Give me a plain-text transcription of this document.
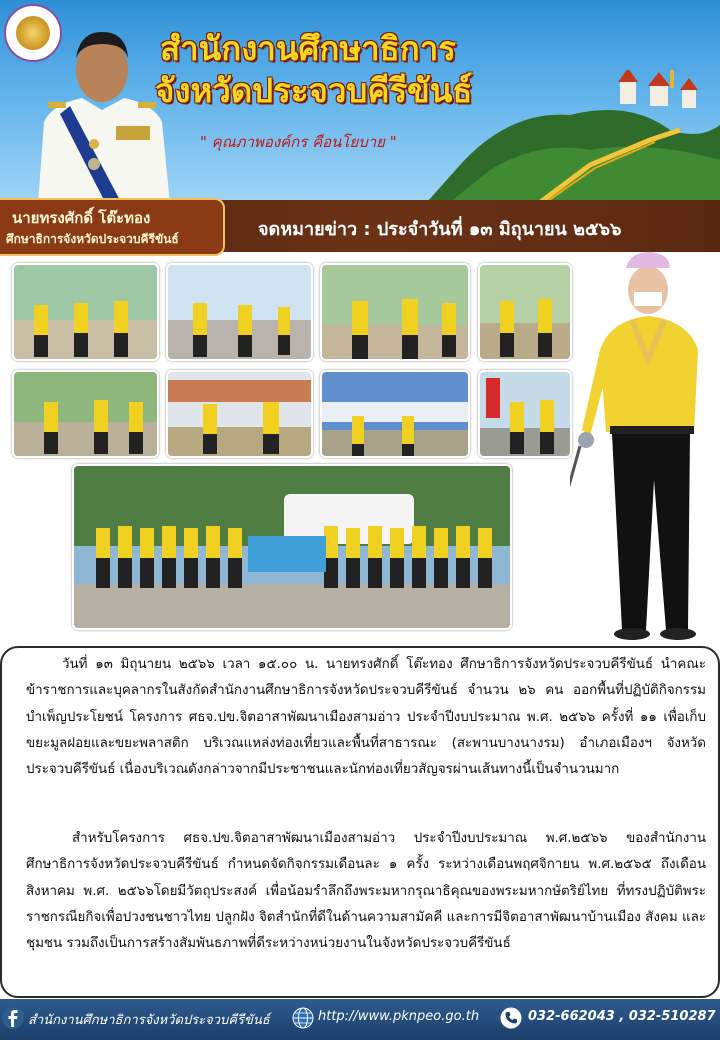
สำนักงานศึกษาธิการ
จังหวัดประจวบคีรีขันธ์
" คุณภาพองค์กร คือนโยบาย "
นายทรงศักดิ์ โต๊ะทอง
ศึกษาธิการจังหวัดประจวบคีรีขันธ์	จดหมายข่าว : ประจำวันที่ ๑๓ มิถุนายน ๒๕๖๖
วันที่ ๑๓ มิถุนายน ๒๕๖๖ เวลา ๑๕.๐๐ น. นายทรงศักดิ์ โต๊ะทอง ศึกษาธิการจังหวัดประจวบคีรีขันธ์ นำคณะข้าราชการและบุคลากรในสังกัดสำนักงานศึกษาธิการจังหวัดประจวบคีรีขันธ์ จำนวน ๒๖ คน ออกพื้นที่ปฏิบัติกิจกรรมบำเพ็ญประโยชน์ โครงการ ศธจ.ปข.จิตอาสาพัฒนาเมืองสามอ่าว ประจำปีงบประมาณ พ.ศ. ๒๕๖๖ ครั้งที่ ๑๑ เพื่อเก็บขยะมูลฝอยและขยะพลาสติก บริเวณแหล่งท่องเที่ยวและพื้นที่สาธารณะ (สะพานบางนางรม) อำเภอเมืองฯ จังหวัดประจวบคีรีขันธ์ เนื่องบริเวณดังกล่าวจากมีประชาชนและนักท่องเที่ยวสัญจรผ่านเส้นทางนี้เป็นจำนวนมาก
สำหรับโครงการ ศธจ.ปข.จิตอาสาพัฒนาเมืองสามอ่าว ประจำปีงบประมาณ พ.ศ.๒๕๖๖ ของสำนักงานศึกษาธิการจังหวัดประจวบคีรีขันธ์ กำหนดจัดกิจกรรมเดือนละ ๑ ครั้ง ระหว่างเดือนพฤศจิกายน พ.ศ.๒๕๖๕ ถึงเดือนสิงหาคม พ.ศ. ๒๕๖๖โดยมีวัตถุประสงค์ เพื่อน้อมรำลึกถึงพระมหากรุณาธิคุณของพระมหากษัตริย์ไทย ที่ทรงปฏิบัติพระราชกรณียกิจเพื่อปวงชนชาวไทย ปลูกฝัง จิตสำนักที่ดีในด้านความสามัคคี และการมีจิตอาสาพัฒนาบ้านเมือง สังคม และชุมชน รวมถึงเป็นการสร้างสัมพันธภาพที่ดีระหว่างหน่วยงานในจังหวัดประจวบคีรีขันธ์
สำนักงานศึกษาธิการจังหวัดประจวบคีรีขันธ์	http://www.pknpeo.go.th	032-662043 , 032-510287
